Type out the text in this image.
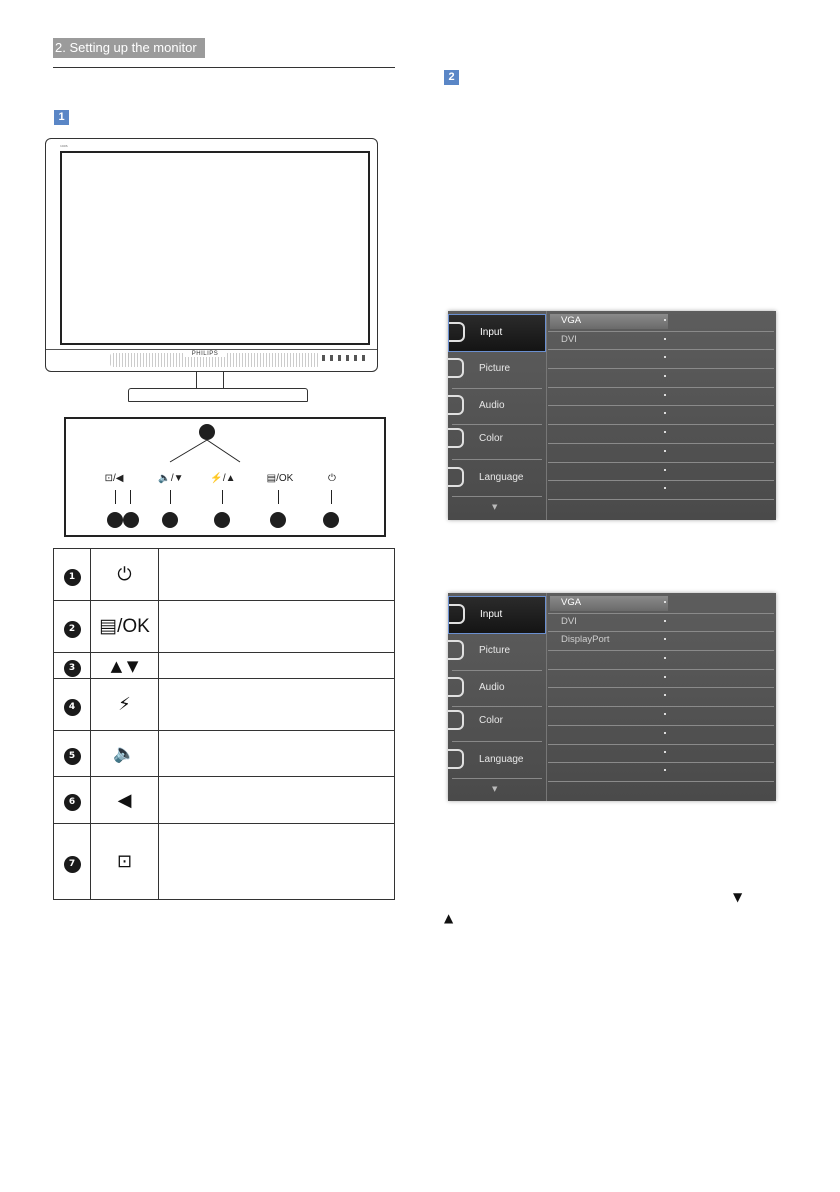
2. Setting up the monitor
1
190S
PHILIPS
⊡/◀	🔈/▼	⚡/▲	▤/OK	⏻
1	⏻	
2	▤/OK	
3	▲ ▼	
4	⚡	
5	🔈	
6	◀	
7	⊡	
2
Input
Picture
Audio
Color
Language
▼
VGA
DVI
Input
Picture
Audio
Color
Language
▼
VGA
DVI
DisplayPort
▼
▲
